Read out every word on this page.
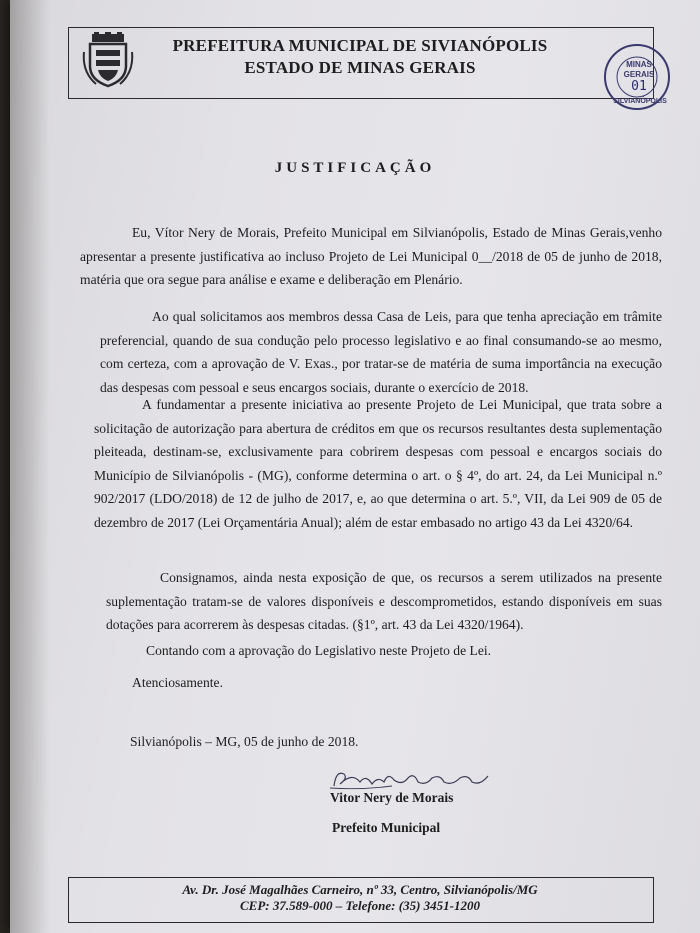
PREFEITURA MUNICIPAL DE SIVIANÓPOLIS
ESTADO DE MINAS GERAIS	MINAS
GERAIS
01
SILVIANÓPOLIS
JUSTIFICAÇÃO
Eu, Vítor Nery de Morais, Prefeito Municipal em Silvianópolis, Estado de Minas Gerais,venho apresentar a presente justificativa ao incluso Projeto de Lei Municipal 0__/2018 de 05 de junho de 2018, matéria que ora segue para análise e exame e deliberação em Plenário.
Ao qual solicitamos aos membros dessa Casa de Leis, para que tenha apreciação em trâmite preferencial, quando de sua condução pelo processo legislativo e ao final consumando-se ao mesmo, com certeza, com a aprovação de V. Exas., por tratar-se de matéria de suma importância na execução das despesas com pessoal e seus encargos sociais, durante o exercício de 2018.
A fundamentar a presente iniciativa ao presente Projeto de Lei Municipal, que trata sobre a solicitação de autorização para abertura de créditos em que os recursos resultantes desta suplementação pleiteada, destinam-se, exclusivamente para cobrirem despesas com pessoal e encargos sociais do Município de Silvianópolis - (MG), conforme determina o art. o § 4º, do art. 24, da Lei Municipal n.º 902/2017 (LDO/2018) de 12 de julho de 2017, e, ao que determina o art. 5.º, VII, da Lei 909 de 05 de dezembro de 2017 (Lei Orçamentária Anual); além de estar embasado no artigo 43 da Lei 4320/64.
Consignamos, ainda nesta exposição de que, os recursos a serem utilizados na presente suplementação tratam-se de valores disponíveis e descomprometidos, estando disponíveis em suas dotações para acorrerem às despesas citadas. (§1º, art. 43 da Lei 4320/1964).
Contando com a aprovação do Legislativo neste Projeto de Lei.
Atenciosamente.
Silvianópolis – MG, 05 de junho de 2018.
Vitor Nery de Morais
Prefeito Municipal
Av. Dr. José Magalhães Carneiro, nº 33, Centro, Silvianópolis/MG
CEP: 37.589-000 – Telefone: (35) 3451-1200
